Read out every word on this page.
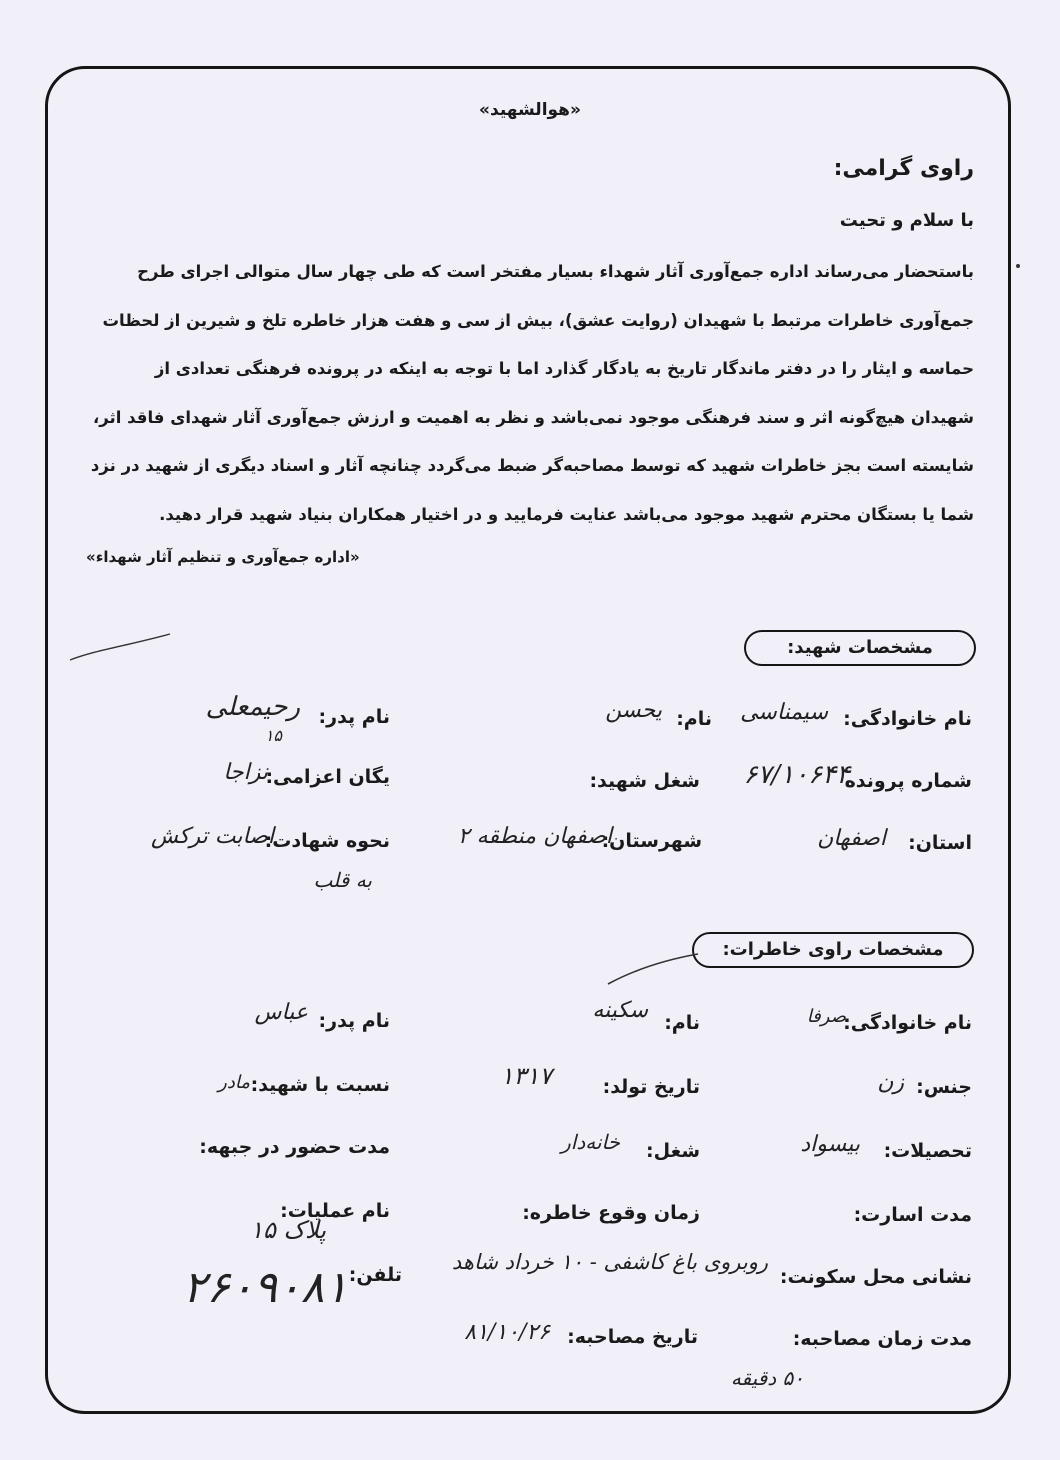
«هوالشهید»
راوی گرامی:
با سلام و تحیت
باستحضار می‌رساند اداره جمع‌آوری آثار شهداء بسیار مفتخر است که طی چهار سال متوالی اجرای طرح
جمع‌آوری خاطرات مرتبط با شهیدان (روایت عشق)، بیش از سی و هفت هزار خاطره تلخ و شیرین از لحظات
حماسه و ایثار را در دفتر ماندگار تاریخ به یادگار گذارد اما با توجه به اینکه در پرونده فرهنگی تعدادی از
شهیدان هیچ‌گونه اثر و سند فرهنگی موجود نمی‌باشد و نظر به اهمیت و ارزش جمع‌آوری آثار شهدای فاقد اثر،
شایسته است بجز خاطرات شهید که توسط مصاحبه‌گر ضبط می‌گردد چنانچه آثار و اسناد دیگری از شهید در نزد
شما یا بستگان محترم شهید موجود می‌باشد عنایت فرمایید و در اختیار همکاران بنیاد شهید قرار دهید.
«اداره جمع‌آوری و تنظیم آثار شهداء»
مشخصات شهید:
نام خانوادگی:
سیمناسی
نام:
یحسن
نام پدر:
رحیمعلی
۱۵
شماره پرونده
۶۷/۱۰۶۴۴
شغل شهید:
یگان اعزامی:
نزاجا
استان:
اصفهان
شهرستان:
اصفهان منطقه ۲
نحوه شهادت:
اصابت ترکش
به قلب
مشخصات راوی خاطرات:
نام خانوادگی:
صرفا
نام:
سکینه
نام پدر:
عباس
جنس:
زن
تاریخ تولد:
۱۳۱۷
نسبت با شهید:
مادر
تحصیلات:
بیسواد
شغل:
خانه‌دار
مدت حضور در جبهه:
مدت اسارت:
زمان وقوع خاطره:
نام عملیات:
نشانی محل سکونت:
روبروی باغ کاشفی - ۱۰ خرداد شاهد
پلاک ۱۵
تلفن:
۲۶۰۹۰۸۱
مدت زمان مصاحبه:
۵۰ دقیقه
تاریخ مصاحبه:
۸۱/۱۰/۲۶
